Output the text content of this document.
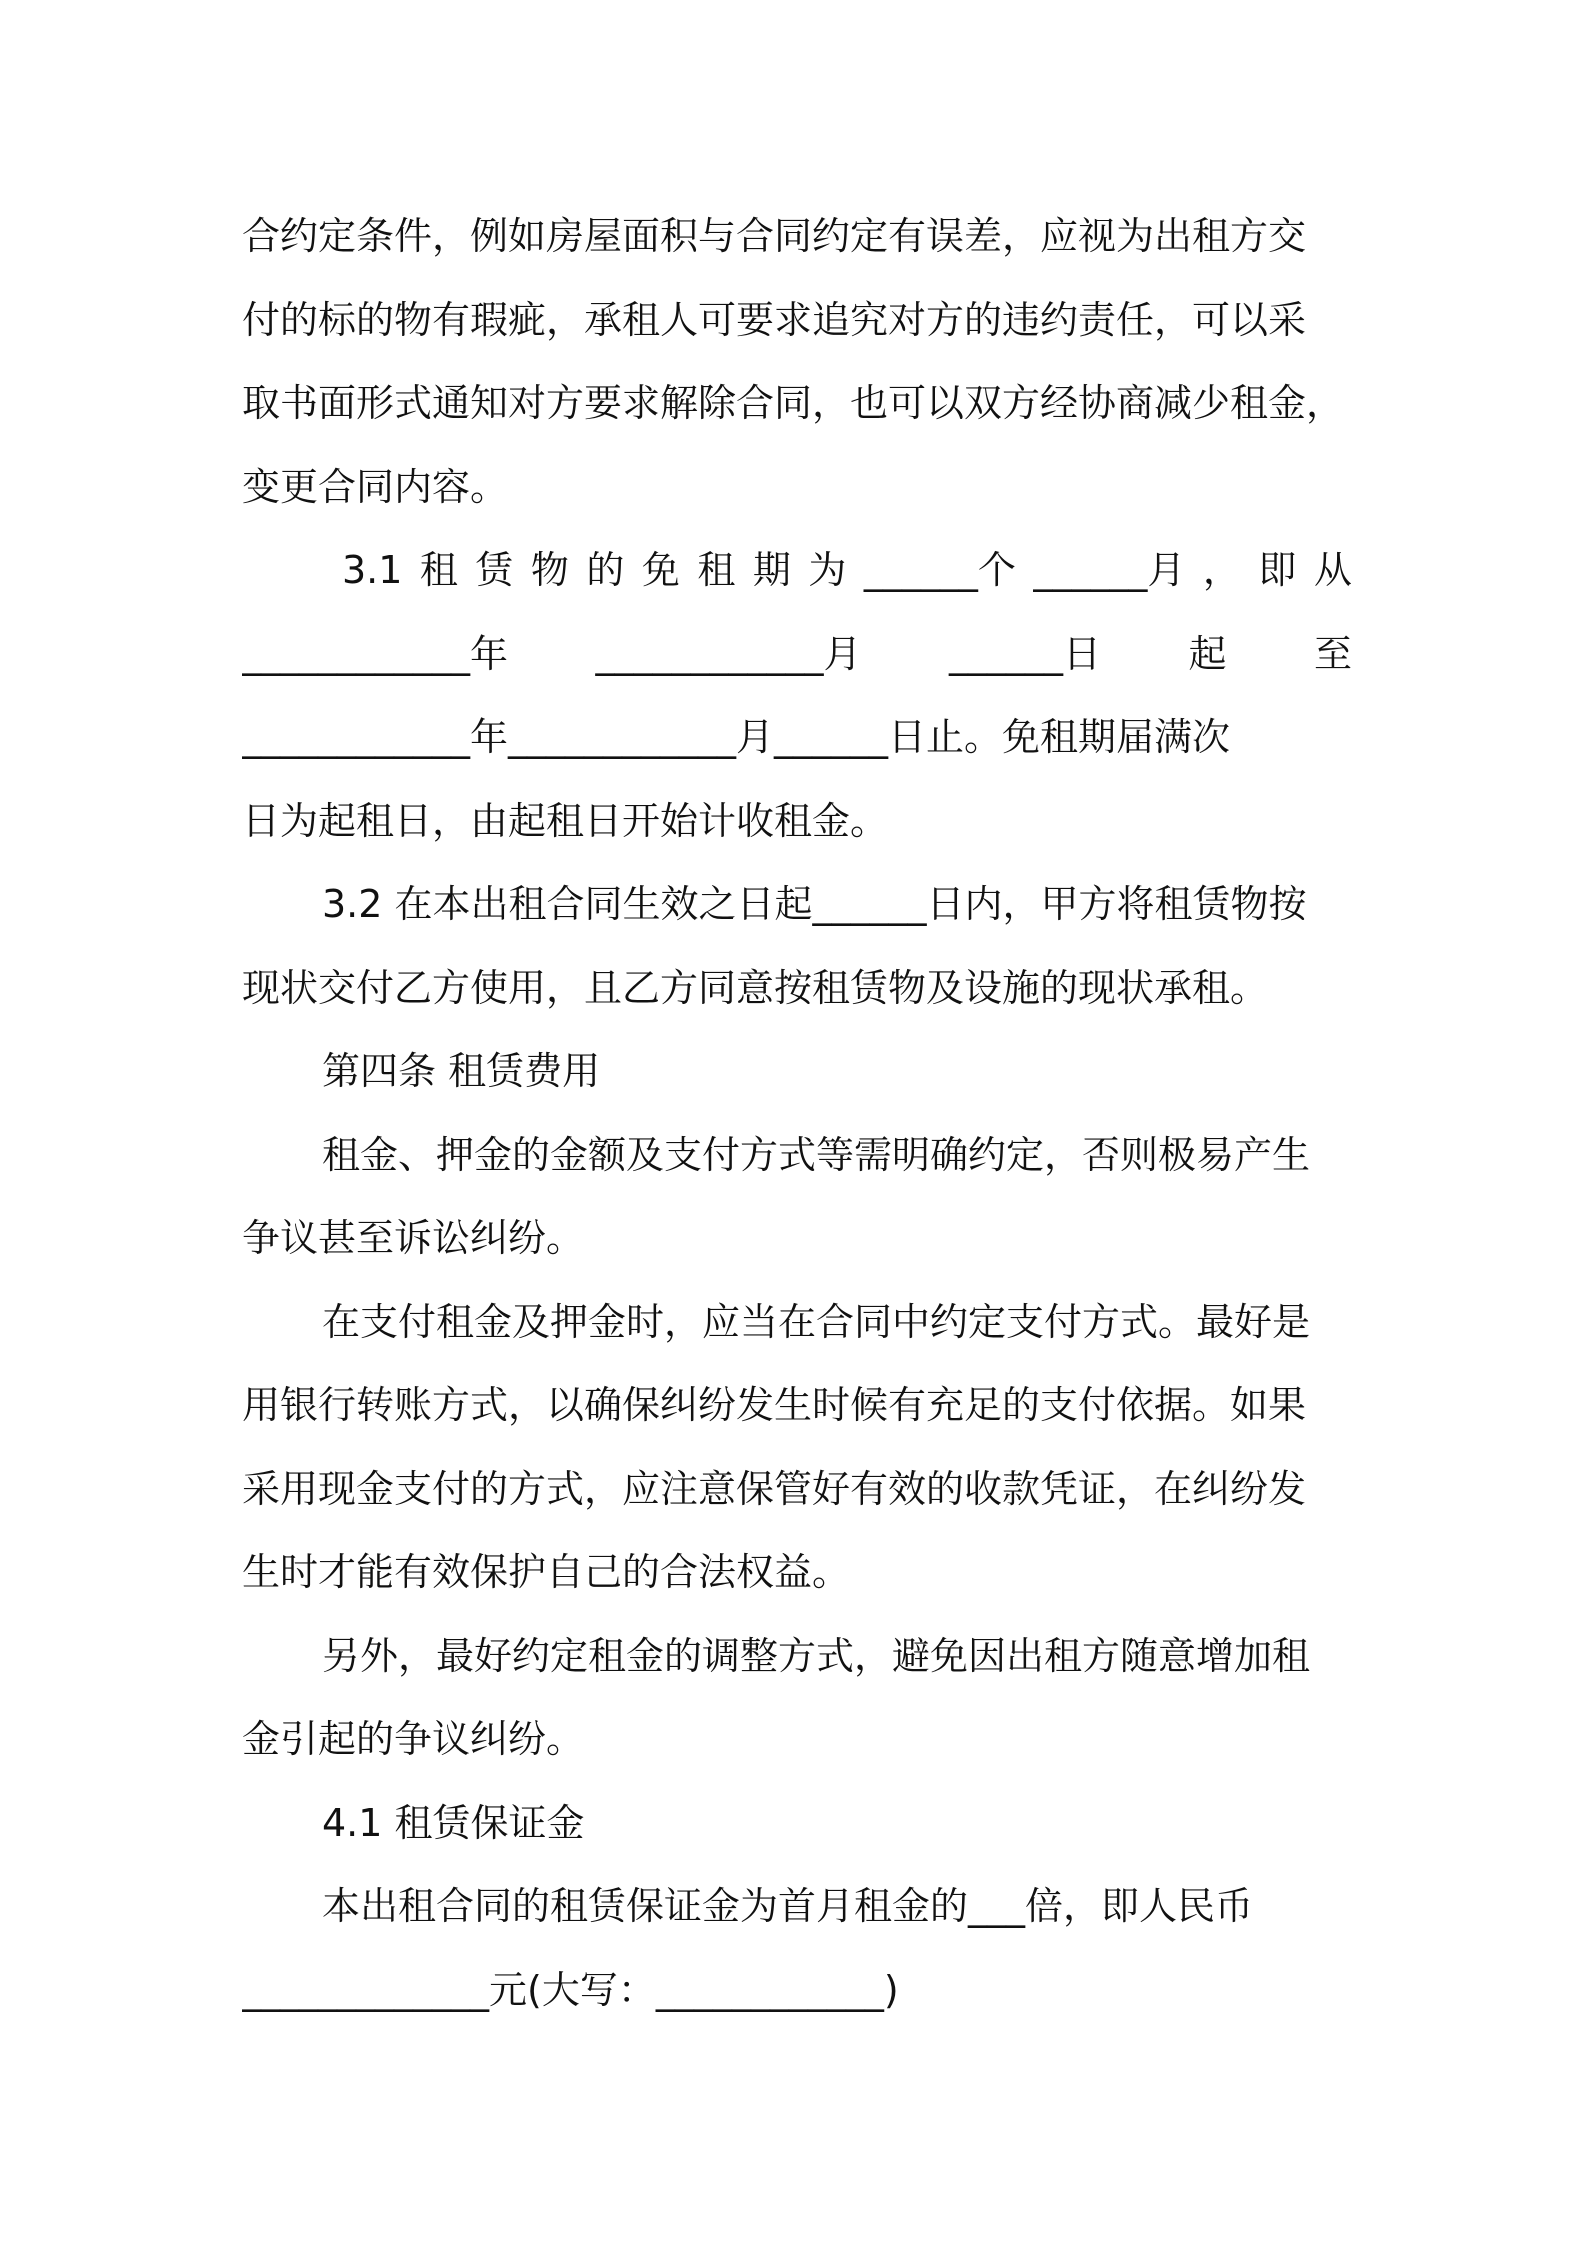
合约定条件，例如房屋面积与合同约定有误差，应视为出租方交
付的标的物有瑕疵，承租人可要求追究对方的违约责任，可以采
取书面形式通知对方要求解除合同，也可以双方经协商减少租金，
变更合同内容。
3.1 租 赁 物 的 免 租 期 为 ______个 ______月 ， 即 从
____________年 ____________月 ______日 起 至
____________年____________月______日止。免租期届满次
日为起租日，由起租日开始计收租金。
3.2 在本出租合同生效之日起______日内，甲方将租赁物按
现状交付乙方使用，且乙方同意按租赁物及设施的现状承租。
第四条 租赁费用
租金、押金的金额及支付方式等需明确约定，否则极易产生
争议甚至诉讼纠纷。
在支付租金及押金时，应当在合同中约定支付方式。最好是
用银行转账方式，以确保纠纷发生时候有充足的支付依据。如果
采用现金支付的方式，应注意保管好有效的收款凭证，在纠纷发
生时才能有效保护自己的合法权益。
另外，最好约定租金的调整方式，避免因出租方随意增加租
金引起的争议纠纷。
4.1 租赁保证金
本出租合同的租赁保证金为首月租金的___倍，即人民币
_____________元(大写：____________)
